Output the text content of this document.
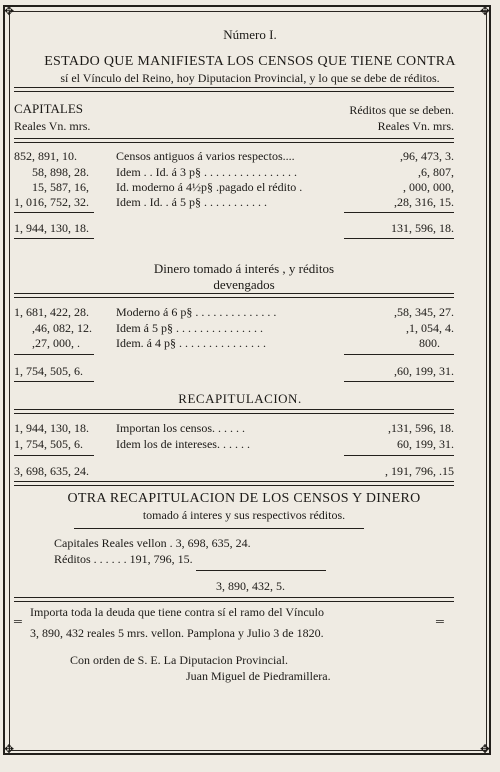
✥	✥
✥	✥
Número I.
ESTADO QUE MANIFIESTA LOS CENSOS QUE TIENE CONTRA
sí el Vínculo del Reino, hoy Diputacion Provincial, y lo que se debe de réditos.
CAPITALES
Reales Vn. mrs.
Réditos que se deben.
Reales Vn. mrs.
852, 891, 10.	Censos antiguos á varios respectos....	,96, 473, 3.
58, 898, 28. Idem . . Id. á 3 p§ . . . . . . . . . . . . . . . .	,6, 807,
15, 587, 16, Id. moderno á 4½p§ .pagado el rédito .	, 000, 000,
1, 016, 752, 32. Idem . Id. . á 5 p§ . . . . . . . . . . .	,28, 316, 15.
1, 944, 130, 18.	131, 596, 18.
Dinero tomado á interés , y réditos
devengados
1, 681, 422, 28. Moderno á 6 p§ . . . . . . . . . . . . . .	,58, 345, 27.
,46, 082, 12. Idem á 5 p§ . . . . . . . . . . . . . . .	,1, 054, 4.
,27, 000, .	Idem. á 4 p§ . . . . . . . . . . . . . . .	800.
1, 754, 505, 6.	,60, 199, 31.
RECAPITULACION.
1, 944, 130, 18. Importan los censos. . . . . .	,131, 596, 18.
1, 754, 505, 6.	Idem los de intereses. . . . . .	60, 199, 31.
3, 698, 635, 24.	, 191, 796, .15
OTRA RECAPITULACION DE LOS CENSOS Y DINERO
tomado á interes y sus respectivos réditos.
Capitales Reales vellon . 3, 698, 635, 24.
Réditos . . . . . . 191, 796, 15.
3, 890, 432, 5.
Importa toda la deuda que tiene contra sí el ramo del Vínculo
═	═
3, 890, 432 reales 5 mrs. vellon. Pamplona y Julio 3 de 1820.
Con orden de S. E. La Diputacion Provincial.
Juan Miguel de Piedramillera.
